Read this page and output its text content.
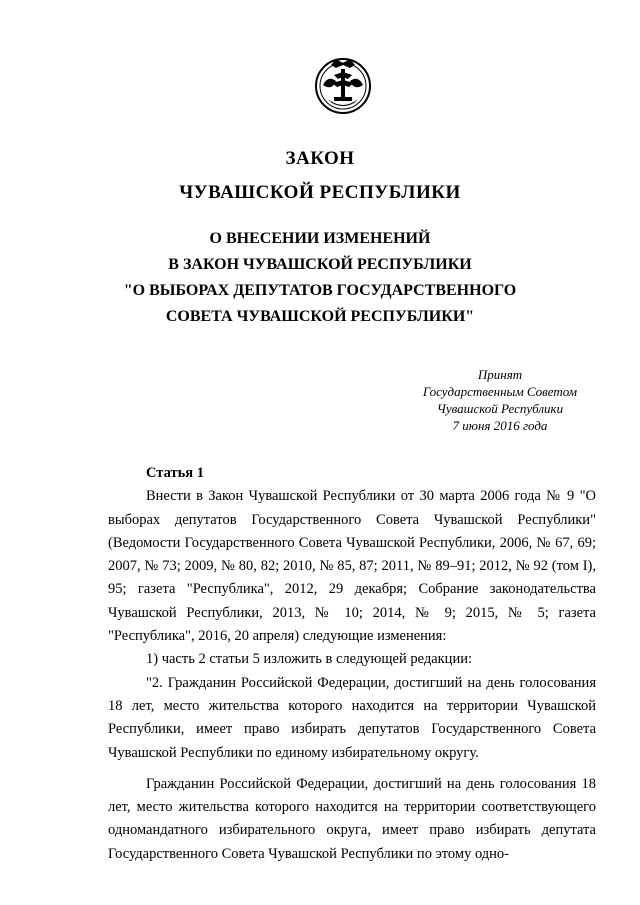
ЗАКОН
ЧУВАШСКОЙ РЕСПУБЛИКИ
О ВНЕСЕНИИ ИЗМЕНЕНИЙ
В ЗАКОН ЧУВАШСКОЙ РЕСПУБЛИКИ
"О ВЫБОРАХ ДЕПУТАТОВ ГОСУДАРСТВЕННОГО
СОВЕТА ЧУВАШСКОЙ РЕСПУБЛИКИ"
Принят
Государственным Советом
Чувашской Республики
7 июня 2016 года
Статья 1

Внести в Закон Чувашской Республики от 30 марта 2006 года № 9 "О выборах депутатов Государственного Совета Чувашской Республики" (Ведомости Государственного Совета Чувашской Республики, 2006, № 67, 69; 2007, № 73; 2009, № 80, 82; 2010, № 85, 87; 2011, № 89–91; 2012, № 92 (том I), 95; газета "Республика", 2012, 29 декабря; Собрание законодательства Чувашской Республики, 2013, № 10; 2014, № 9; 2015, № 5; газета "Республика", 2016, 20 апреля) следующие изменения:

1) часть 2 статьи 5 изложить в следующей редакции:

"2. Гражданин Российской Федерации, достигший на день голосования 18 лет, место жительства которого находится на территории Чувашской Республики, имеет право избирать депутатов Государственного Совета Чувашской Республики по единому избирательному округу.

Гражданин Российской Федерации, достигший на день голосования 18 лет, место жительства которого находится на территории соответствующего одномандатного избирательного округа, имеет право избирать депутата Государственного Совета Чувашской Республики по этому одно-
